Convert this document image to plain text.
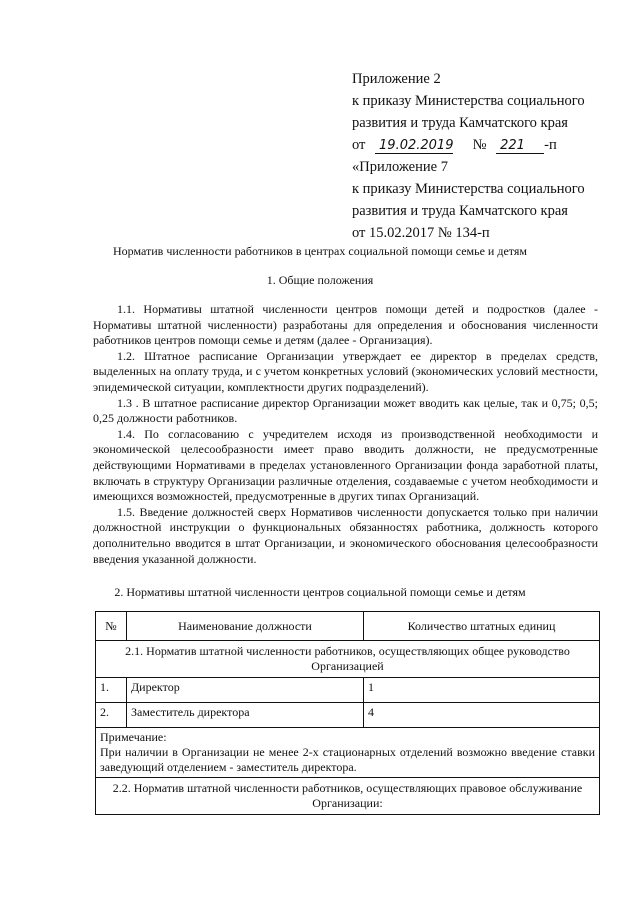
Приложение 2
к приказу Министерства социального
развития и труда Камчатского края
от 19.02.2019 № 221 -п
«Приложение 7
к приказу Министерства социального
развития и труда Камчатского края
от 15.02.2017 № 134-п
Норматив численности работников в центрах социальной помощи семье и детям
1. Общие положения

1.1. Нормативы штатной численности центров помощи детей и подростков (далее - Нормативы штатной численности) разработаны для определения и обоснования численности работников центров помощи семье и детям (далее - Организация).

1.2. Штатное расписание Организации утверждает ее директор в пределах средств, выделенных на оплату труда, и с учетом конкретных условий (экономических условий местности, эпидемической ситуации, комплектности других подразделений).

1.3 . В штатное расписание директор Организации может вводить как целые, так и 0,75; 0,5; 0,25 должности работников.

1.4. По согласованию с учредителем исходя из производственной необходимости и экономической целесообразности имеет право вводить должности, не предусмотренные действующими Нормативами в пределах установленного Организации фонда заработной платы, включать в структуру Организации различные отделения, создаваемые с учетом необходимости и имеющихся возможностей, предусмотренные в других типах Организаций.

1.5. Введение должностей сверх Нормативов численности допускается только при наличии должностной инструкции о функциональных обязанностях работника, должность которого дополнительно вводится в штат Организации, и экономического обоснования целесообразности введения указанной должности.

2. Нормативы штатной численности центров социальной помощи семье и детям
№	Наименование должности	Количество штатных единиц
2.1. Норматив штатной численности работников, осуществляющих общее руководство Организацией		
1.	Директор	1
2.	Заместитель директора	4

Примечание:
При наличии в Организации не менее 2-х стационарных отделений возможно введение ставки заведующий отделением - заместитель директора.		

2.2. Норматив штатной численности работников, осуществляющих правовое обслуживание Организации:		
